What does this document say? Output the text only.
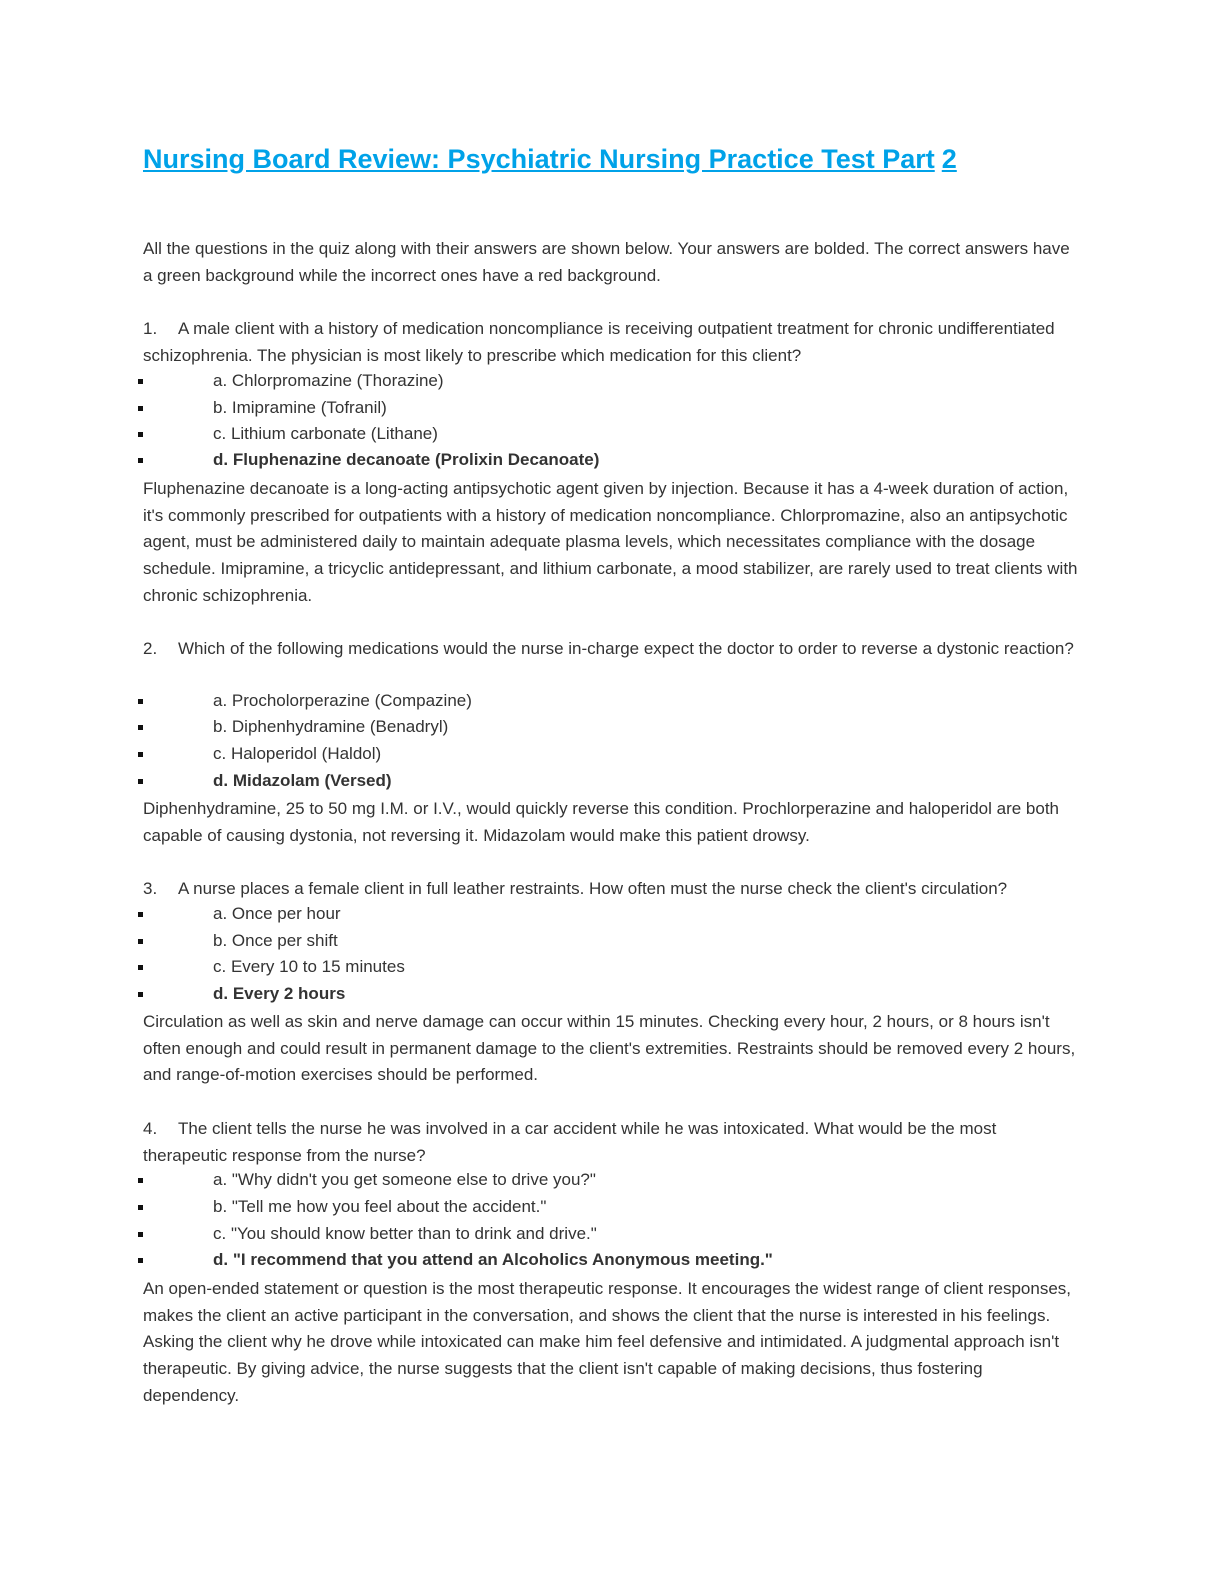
Nursing Board Review: Psychiatric Nursing Practice Test Part 2

All the questions in the quiz along with their answers are shown below. Your answers are bolded. The correct answers have a green background while the incorrect ones have a red background.

1. A male client with a history of medication noncompliance is receiving outpatient treatment for chronic undifferentiated schizophrenia. The physician is most likely to prescribe which medication for this client?

a. Chlorpromazine (Thorazine)
b. Imipramine (Tofranil)
c. Lithium carbonate (Lithane)
d. Fluphenazine decanoate (Prolixin Decanoate)

Fluphenazine decanoate is a long-acting antipsychotic agent given by injection. Because it has a 4-week duration of action, it's commonly prescribed for outpatients with a history of medication noncompliance. Chlorpromazine, also an antipsychotic agent, must be administered daily to maintain adequate plasma levels, which necessitates compliance with the dosage schedule. Imipramine, a tricyclic antidepressant, and lithium carbonate, a mood stabilizer, are rarely used to treat clients with chronic schizophrenia.

2. Which of the following medications would the nurse in-charge expect the doctor to order to reverse a dystonic reaction?

a. Procholorperazine (Compazine)
b. Diphenhydramine (Benadryl)
c. Haloperidol (Haldol)
d. Midazolam (Versed)

Diphenhydramine, 25 to 50 mg I.M. or I.V., would quickly reverse this condition. Prochlorperazine and haloperidol are both capable of causing dystonia, not reversing it. Midazolam would make this patient drowsy.

3. A nurse places a female client in full leather restraints. How often must the nurse check the client's circulation?

a. Once per hour
b. Once per shift
c. Every 10 to 15 minutes
d. Every 2 hours

Circulation as well as skin and nerve damage can occur within 15 minutes. Checking every hour, 2 hours, or 8 hours isn't often enough and could result in permanent damage to the client's extremities. Restraints should be removed every 2 hours, and range-of-motion exercises should be performed.

4. The client tells the nurse he was involved in a car accident while he was intoxicated. What would be the most therapeutic response from the nurse?

a. "Why didn't you get someone else to drive you?"
b. "Tell me how you feel about the accident."
c. "You should know better than to drink and drive."
d. "I recommend that you attend an Alcoholics Anonymous meeting."

An open-ended statement or question is the most therapeutic response. It encourages the widest range of client responses, makes the client an active participant in the conversation, and shows the client that the nurse is interested in his feelings. Asking the client why he drove while intoxicated can make him feel defensive and intimidated. A judgmental approach isn't therapeutic. By giving advice, the nurse suggests that the client isn't capable of making decisions, thus fostering dependency.
